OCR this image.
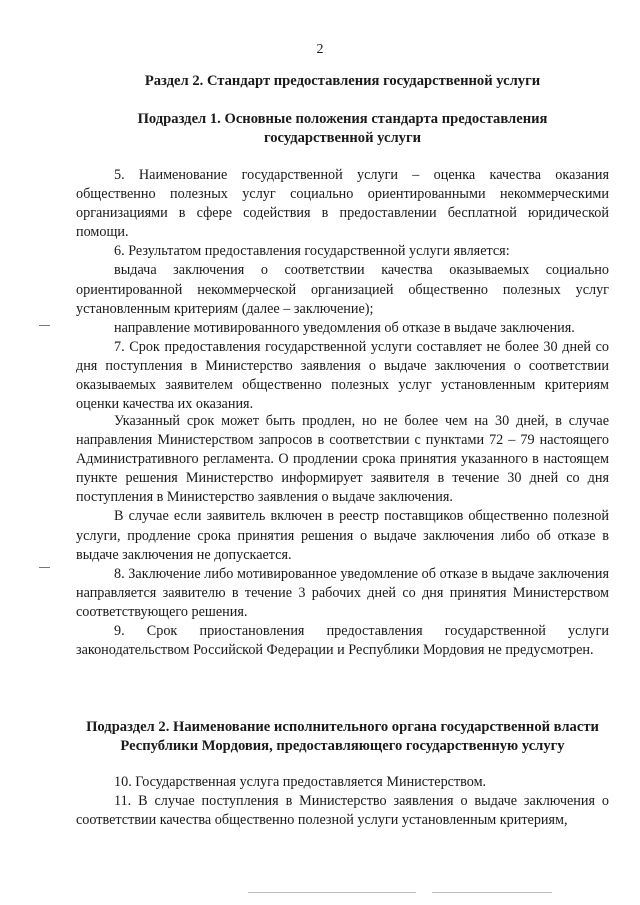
2
Раздел 2. Стандарт предоставления государственной услуги
Подраздел 1. Основные положения стандарта предоставления
государственной услуги

5. Наименование государственной услуги – оценка качества оказания общественно полезных услуг социально ориентированными некоммерческими организациями в сфере содействия в предоставлении бесплатной юридической помощи.

6. Результатом предоставления государственной услуги является:

выдача заключения о соответствии качества оказываемых социально ориентированной некоммерческой организацией общественно полезных услуг установленным критериям (далее – заключение);

направление мотивированного уведомления об отказе в выдаче заключения.

7. Срок предоставления государственной услуги составляет не более 30 дней со дня поступления в Министерство заявления о выдаче заключения о соответствии оказываемых заявителем общественно полезных услуг установленным критериям оценки качества их оказания.

Указанный срок может быть продлен, но не более чем на 30 дней, в случае направления Министерством запросов в соответствии с пунктами 72 – 79 настоящего Административного регламента. О продлении срока принятия указанного в настоящем пункте решения Министерство информирует заявителя в течение 30 дней со дня поступления в Министерство заявления о выдаче заключения.

В случае если заявитель включен в реестр поставщиков общественно полезной услуги, продление срока принятия решения о выдаче заключения либо об отказе в выдаче заключения не допускается.

8. Заключение либо мотивированное уведомление об отказе в выдаче заключения направляется заявителю в течение 3 рабочих дней со дня принятия Министерством соответствующего решения.

9. Срок приостановления предоставления государственной услуги законодательством Российской Федерации и Республики Мордовия не предусмотрен.

Подраздел 2. Наименование исполнительного органа государственной власти
Республики Мордовия, предоставляющего государственную услугу

10. Государственная услуга предоставляется Министерством.

11. В случае поступления в Министерство заявления о выдаче заключения о соответствии качества общественно полезной услуги установленным критериям,
